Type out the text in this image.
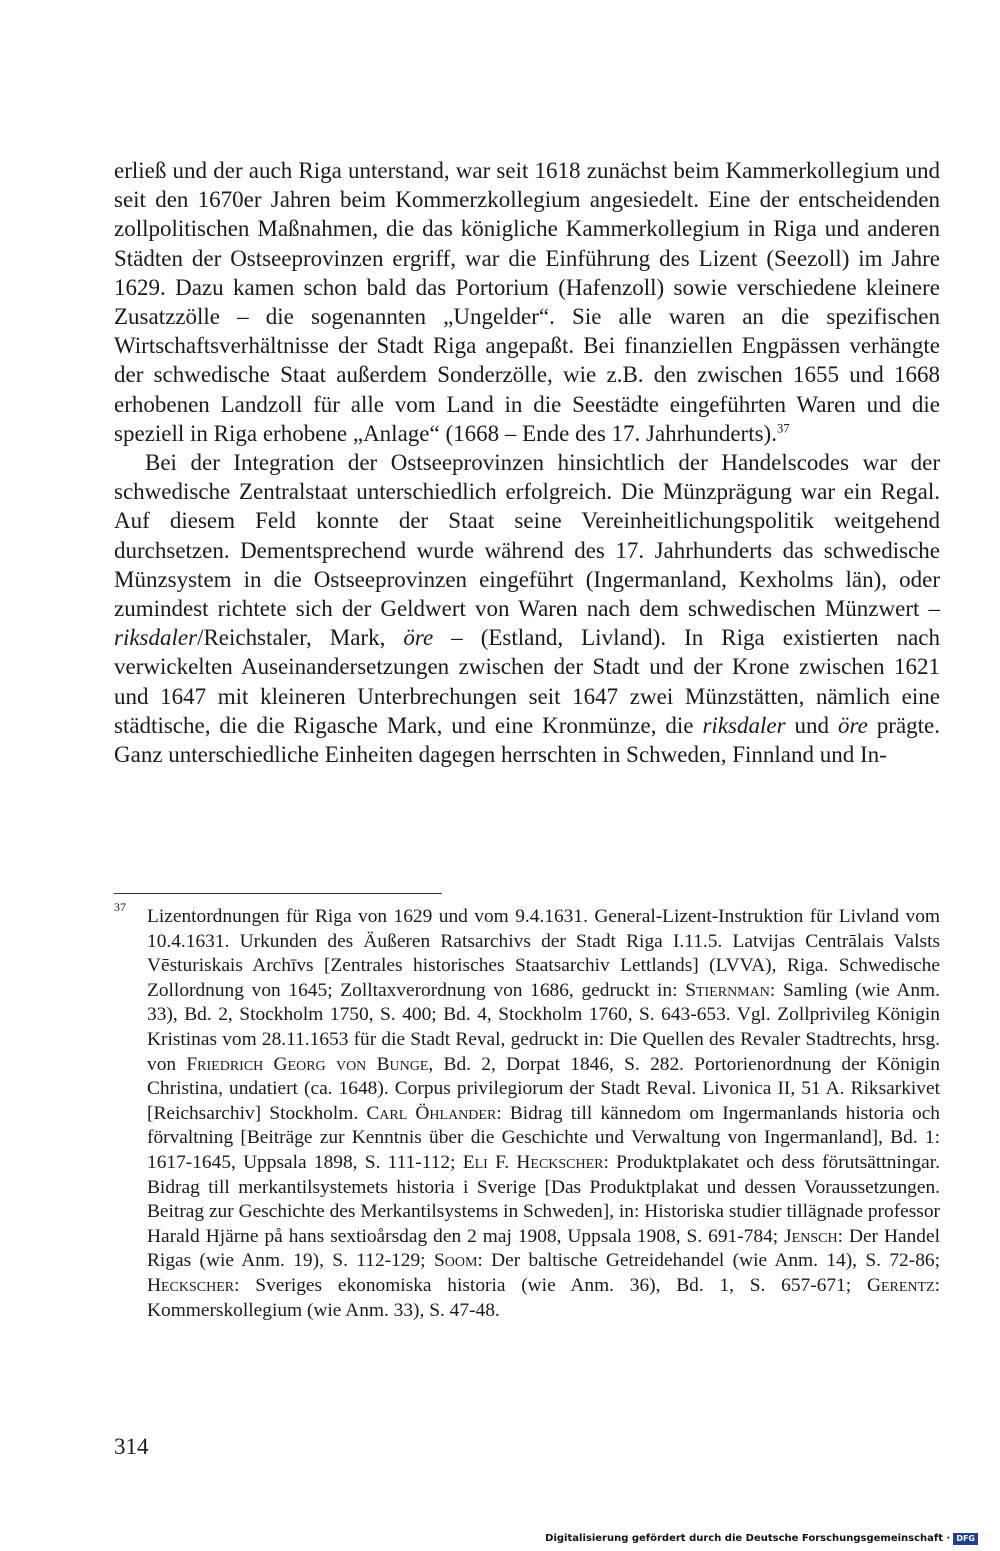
erließ und der auch Riga unterstand, war seit 1618 zunächst beim Kammerkollegium und seit den 1670er Jahren beim Kommerzkollegium angesiedelt. Eine der entscheidenden zollpolitischen Maßnahmen, die das königliche Kammerkollegium in Riga und anderen Städten der Ostseeprovinzen ergriff, war die Einführung des Lizent (Seezoll) im Jahre 1629. Dazu kamen schon bald das Portorium (Hafenzoll) sowie verschiedene kleinere Zusatzzölle – die sogenannten „Ungelder“. Sie alle waren an die spezifischen Wirtschaftsverhältnisse der Stadt Riga angepaßt. Bei finanziellen Engpässen verhängte der schwedische Staat außerdem Sonderzölle, wie z.B. den zwischen 1655 und 1668 erhobenen Landzoll für alle vom Land in die Seestädte eingeführten Waren und die speziell in Riga erhobene „Anlage“ (1668 – Ende des 17. Jahrhunderts).$^{37}$

Bei der Integration der Ostseeprovinzen hinsichtlich der Handelscodes war der schwedische Zentralstaat unterschiedlich erfolgreich. Die Münzprägung war ein Regal. Auf diesem Feld konnte der Staat seine Vereinheitlichungspolitik weitgehend durchsetzen. Dementsprechend wurde während des 17. Jahrhunderts das schwedische Münzsystem in die Ostseeprovinzen eingeführt (Ingermanland, Kexholms län), oder zumindest richtete sich der Geldwert von Waren nach dem schwedischen Münzwert – riksdaler/Reichstaler, Mark, öre – (Estland, Livland). In Riga existierten nach verwickelten Auseinandersetzungen zwischen der Stadt und der Krone zwischen 1621 und 1647 mit kleineren Unterbrechungen seit 1647 zwei Münzstätten, nämlich eine städtische, die die Rigasche Mark, und eine Kronmünze, die riksdaler und öre prägte. Ganz unterschiedliche Einheiten dagegen herrschten in Schweden, Finnland und In-

37 Lizentordnungen für Riga von 1629 und vom 9.4.1631. General-Lizent-Instruktion für Livland vom 10.4.1631. Urkunden des Äußeren Ratsarchivs der Stadt Riga I.11.5. Latvijas Centrālais Valsts Vēsturiskais Archīvs [Zentrales historisches Staatsarchiv Lettlands] (LVVA), Riga. Schwedische Zollordnung von 1645; Zolltaxverordnung von 1686, gedruckt in: Stiernman: Samling (wie Anm. 33), Bd. 2, Stockholm 1750, S. 400; Bd. 4, Stockholm 1760, S. 643-653. Vgl. Zollprivileg Königin Kristinas vom 28.11.1653 für die Stadt Reval, gedruckt in: Die Quellen des Revaler Stadtrechts, hrsg. von Friedrich Georg von Bunge, Bd. 2, Dorpat 1846, S. 282. Portorienordnung der Königin Christina, undatiert (ca. 1648). Corpus privilegiorum der Stadt Reval. Livonica II, 51 A. Riksarkivet [Reichsarchiv] Stockholm. Carl Öhlander: Bidrag till kännedom om Ingermanlands historia och förvaltning [Beiträge zur Kenntnis über die Geschichte und Verwaltung von Ingermanland], Bd. 1: 1617-1645, Uppsala 1898, S. 111-112; Eli F. Heckscher: Produktplakatet och dess förutsättningar. Bidrag till merkantilsystemets historia i Sverige [Das Produktplakat und dessen Voraussetzungen. Beitrag zur Geschichte des Merkantilsystems in Schweden], in: Historiska studier tillägnade professor Harald Hjärne på hans sextioårsdag den 2 maj 1908, Uppsala 1908, S. 691-784; Jensch: Der Handel Rigas (wie Anm. 19), S. 112-129; Soom: Der baltische Getreidehandel (wie Anm. 14), S. 72-86; Heckscher: Sveriges ekonomiska historia (wie Anm. 36), Bd. 1, S. 657-671; Gerentz: Kommerskollegium (wie Anm. 33), S. 47-48.
314
Digitalisierung gefördert durch die Deutsche Forschungsgemeinschaft · DFG
